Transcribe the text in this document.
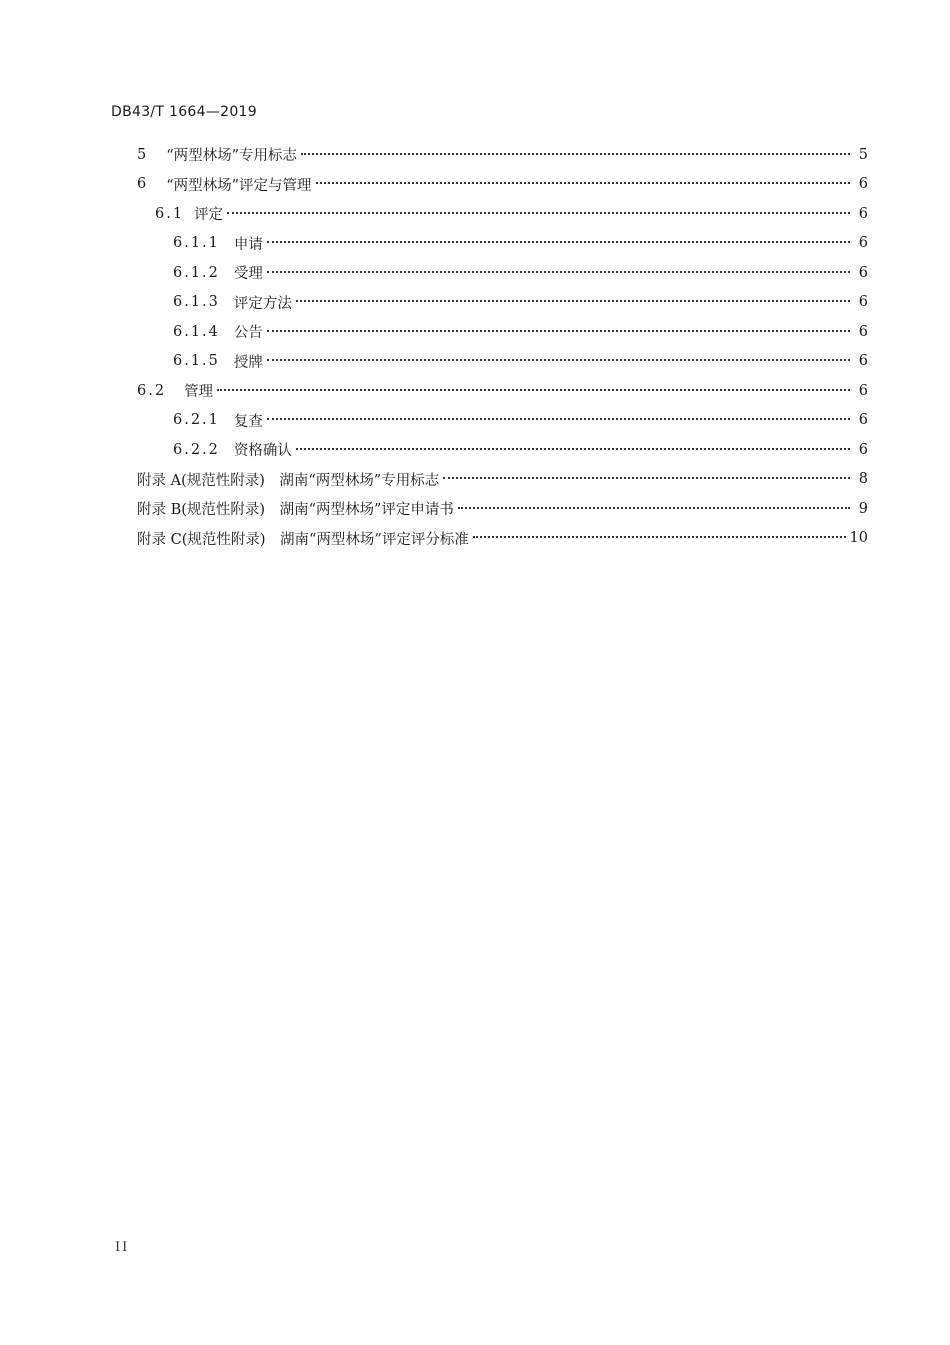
DB43/T 1664—2019
5 “两型林场”专用标志	5
6 “两型林场”评定与管理	6
6.1 评定	6
6.1.1 申请	6
6.1.2 受理	6
6.1.3 评定方法	6
6.1.4 公告	6
6.1.5 授牌	6
6.2 管理	6
6.2.1 复查	6
6.2.2 资格确认	6
附录 A(规范性附录)　湖南“两型林场”专用标志	8
附录 B(规范性附录)　湖南“两型林场”评定申请书	9
附录 C(规范性附录)　湖南“两型林场”评定评分标准	10
II
